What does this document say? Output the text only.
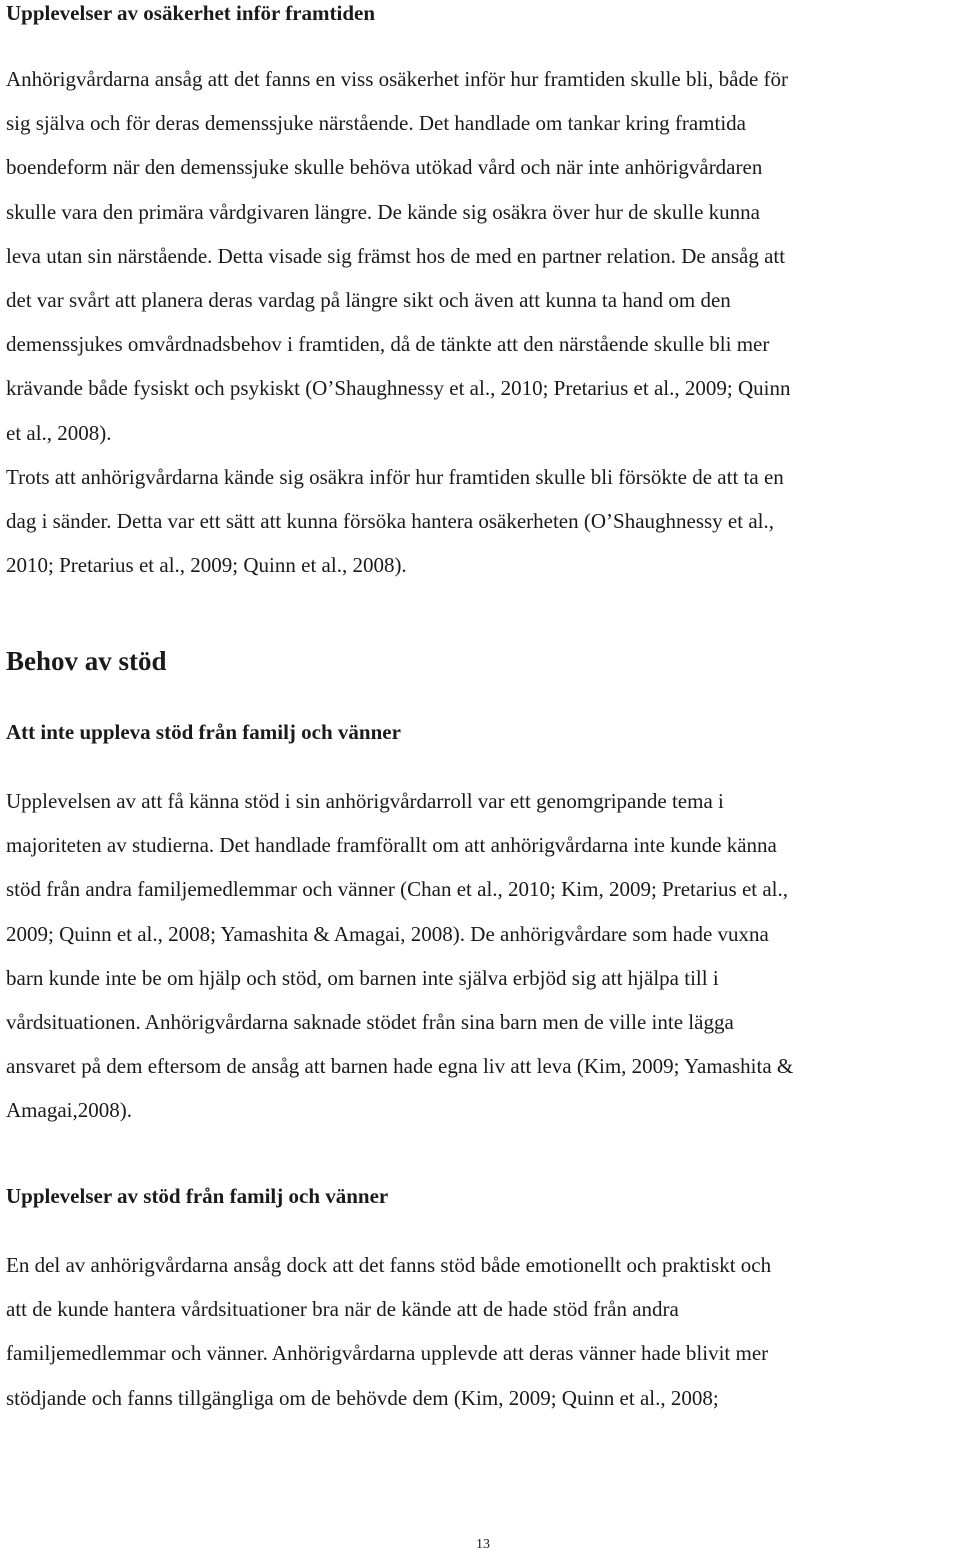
Upplevelser av osäkerhet inför framtiden

Anhörigvårdarna ansåg att det fanns en viss osäkerhet inför hur framtiden skulle bli, både för
sig själva och för deras demenssjuke närstående. Det handlade om tankar kring framtida
boendeform när den demenssjuke skulle behöva utökad vård och när inte anhörigvårdaren
skulle vara den primära vårdgivaren längre. De kände sig osäkra över hur de skulle kunna
leva utan sin närstående. Detta visade sig främst hos de med en partner relation. De ansåg att
det var svårt att planera deras vardag på längre sikt och även att kunna ta hand om den
demenssjukes omvårdnadsbehov i framtiden, då de tänkte att den närstående skulle bli mer
krävande både fysiskt och psykiskt (O’Shaughnessy et al., 2010; Pretarius et al., 2009; Quinn
et al., 2008).

Trots att anhörigvårdarna kände sig osäkra inför hur framtiden skulle bli försökte de att ta en
dag i sänder. Detta var ett sätt att kunna försöka hantera osäkerheten (O’Shaughnessy et al.,
2010; Pretarius et al., 2009; Quinn et al., 2008).

Behov av stöd
Att inte uppleva stöd från familj och vänner

Upplevelsen av att få känna stöd i sin anhörigvårdarroll var ett genomgripande tema i
majoriteten av studierna. Det handlade framförallt om att anhörigvårdarna inte kunde känna
stöd från andra familjemedlemmar och vänner (Chan et al., 2010; Kim, 2009; Pretarius et al.,
2009; Quinn et al., 2008; Yamashita & Amagai, 2008). De anhörigvårdare som hade vuxna
barn kunde inte be om hjälp och stöd, om barnen inte själva erbjöd sig att hjälpa till i
vårdsituationen. Anhörigvårdarna saknade stödet från sina barn men de ville inte lägga
ansvaret på dem eftersom de ansåg att barnen hade egna liv att leva (Kim, 2009; Yamashita &
Amagai,2008).

Upplevelser av stöd från familj och vänner

En del av anhörigvårdarna ansåg dock att det fanns stöd både emotionellt och praktiskt och
att de kunde hantera vårdsituationer bra när de kände att de hade stöd från andra
familjemedlemmar och vänner. Anhörigvårdarna upplevde att deras vänner hade blivit mer
stödjande och fanns tillgängliga om de behövde dem (Kim, 2009; Quinn et al., 2008;

13
